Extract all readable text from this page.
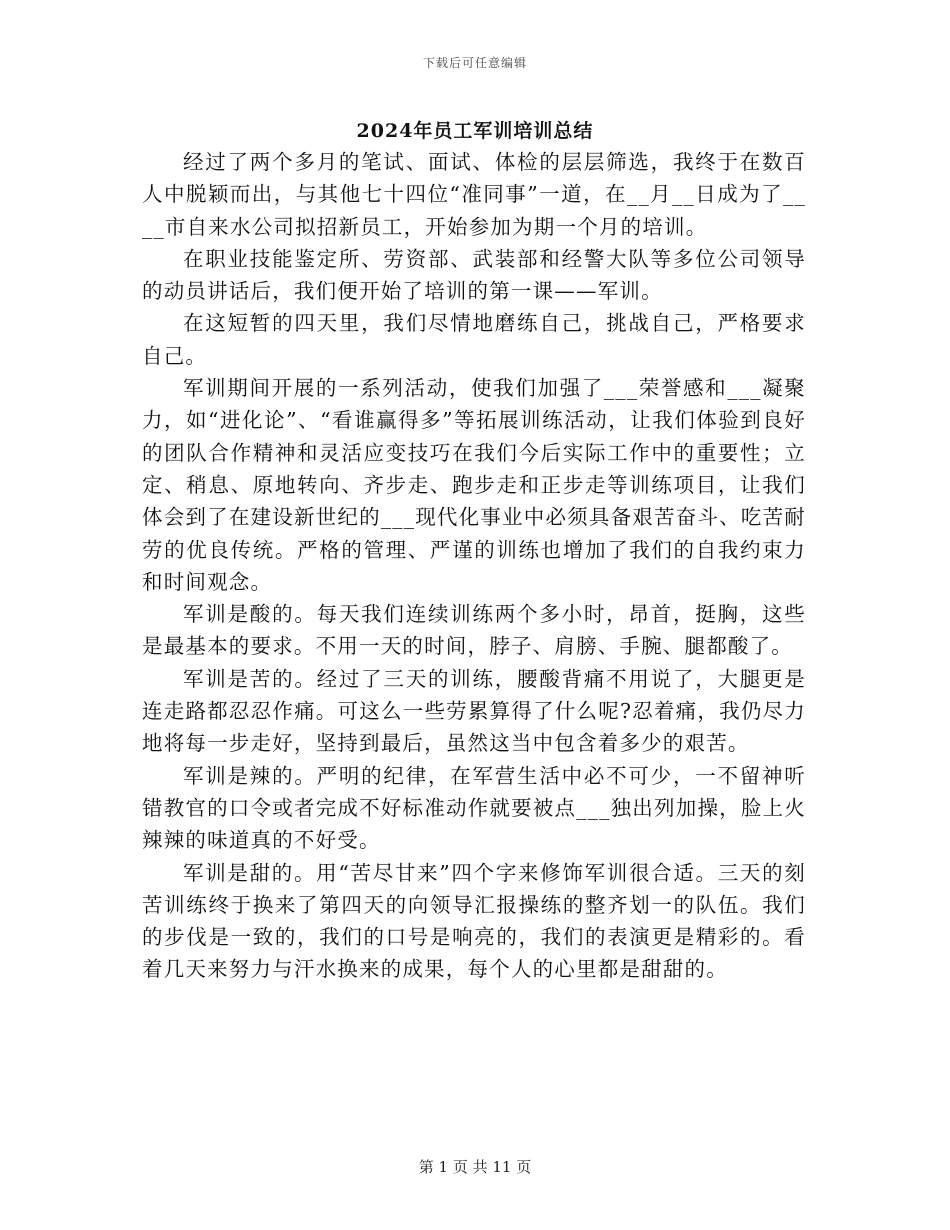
下载后可任意编辑
2024年员工军训培训总结

经过了两个多月的笔试、面试、体检的层层筛选，我终于在数百人中脱颖而出，与其他七十四位“准同事”一道，在__月__日成为了____市自来水公司拟招新员工，开始参加为期一个月的培训。

在职业技能鉴定所、劳资部、武装部和经警大队等多位公司领导的动员讲话后，我们便开始了培训的第一课——军训。

在这短暂的四天里，我们尽情地磨练自己，挑战自己，严格要求自己。

军训期间开展的一系列活动，使我们加强了___荣誉感和___凝聚力，如“进化论”、“看谁赢得多”等拓展训练活动，让我们体验到良好的团队合作精神和灵活应变技巧在我们今后实际工作中的重要性；立定、稍息、原地转向、齐步走、跑步走和正步走等训练项目，让我们体会到了在建设新世纪的___现代化事业中必须具备艰苦奋斗、吃苦耐劳的优良传统。严格的管理、严谨的训练也增加了我们的自我约束力和时间观念。

军训是酸的。每天我们连续训练两个多小时，昂首，挺胸，这些是最基本的要求。不用一天的时间，脖子、肩膀、手腕、腿都酸了。

军训是苦的。经过了三天的训练，腰酸背痛不用说了，大腿更是连走路都忍忍作痛。可这么一些劳累算得了什么呢?忍着痛，我仍尽力地将每一步走好，坚持到最后，虽然这当中包含着多少的艰苦。

军训是辣的。严明的纪律，在军营生活中必不可少，一不留神听错教官的口令或者完成不好标准动作就要被点___独出列加操，脸上火辣辣的味道真的不好受。

军训是甜的。用“苦尽甘来”四个字来修饰军训很合适。三天的刻苦训练终于换来了第四天的向领导汇报操练的整齐划一的队伍。我们的步伐是一致的，我们的口号是响亮的，我们的表演更是精彩的。看着几天来努力与汗水换来的成果，每个人的心里都是甜甜的。

第 1 页 共 11 页
